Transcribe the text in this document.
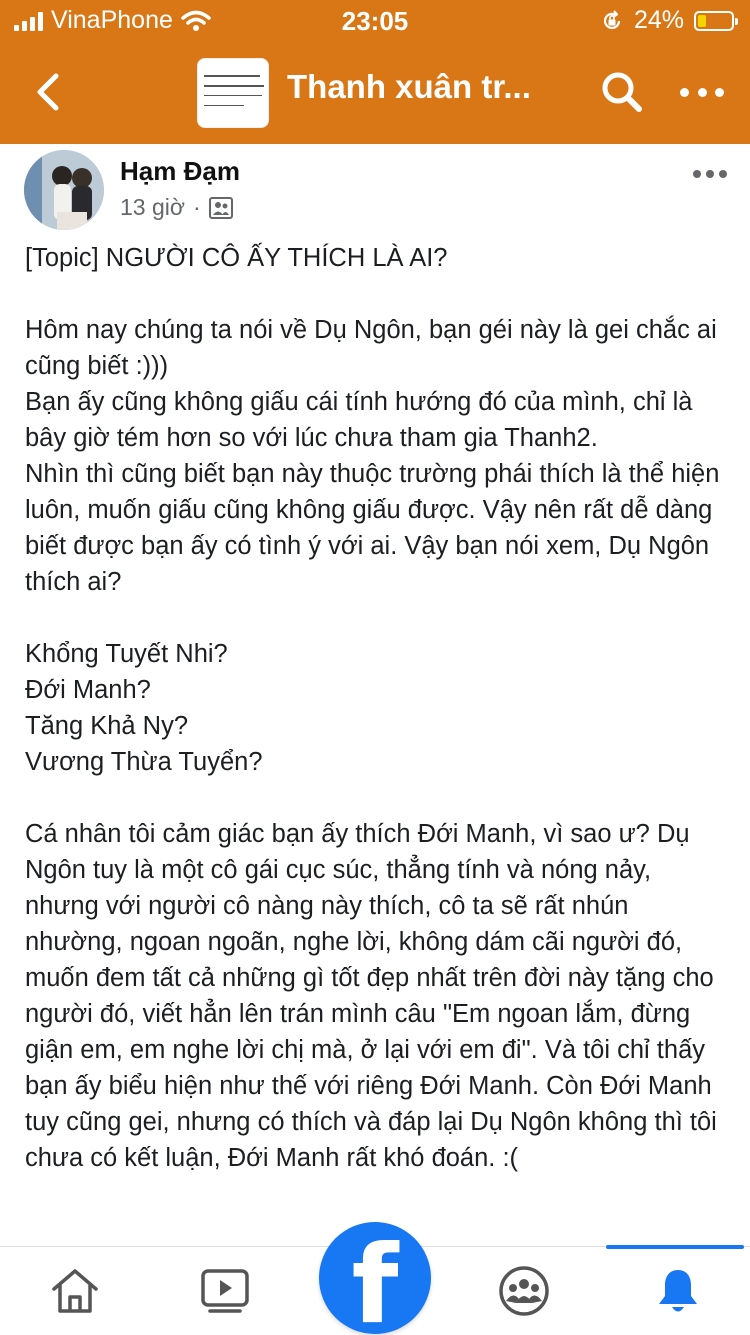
VinaPhone	23:05	24%
Thanh xuân tr...
Hạm Đạm
13 giờ ·

[Topic] NGƯỜI CÔ ẤY THÍCH LÀ AI?

Hôm nay chúng ta nói về Dụ Ngôn, bạn géi này là gei chắc ai cũng biết :)))

Bạn ấy cũng không giấu cái tính hướng đó của mình, chỉ là bây giờ tém hơn so với lúc chưa tham gia Thanh2.

Nhìn thì cũng biết bạn này thuộc trường phái thích là thể hiện luôn, muốn giấu cũng không giấu được. Vậy nên rất dễ dàng biết được bạn ấy có tình ý với ai. Vậy bạn nói xem, Dụ Ngôn thích ai?

Khổng Tuyết Nhi?

Đới Manh?

Tăng Khả Ny?

Vương Thừa Tuyển?

Cá nhân tôi cảm giác bạn ấy thích Đới Manh, vì sao ư? Dụ Ngôn tuy là một cô gái cục súc, thẳng tính và nóng nảy, nhưng với người cô nàng này thích, cô ta sẽ rất nhún nhường, ngoan ngoãn, nghe lời, không dám cãi người đó, muốn đem tất cả những gì tốt đẹp nhất trên đời này tặng cho người đó, viết hẳn lên trán mình câu "Em ngoan lắm, đừng giận em, em nghe lời chị mà, ở lại với em đi". Và tôi chỉ thấy bạn ấy biểu hiện như thế với riêng Đới Manh. Còn Đới Manh tuy cũng gei, nhưng có thích và đáp lại Dụ Ngôn không thì tôi chưa có kết luận, Đới Manh rất khó đoán. :(

f
